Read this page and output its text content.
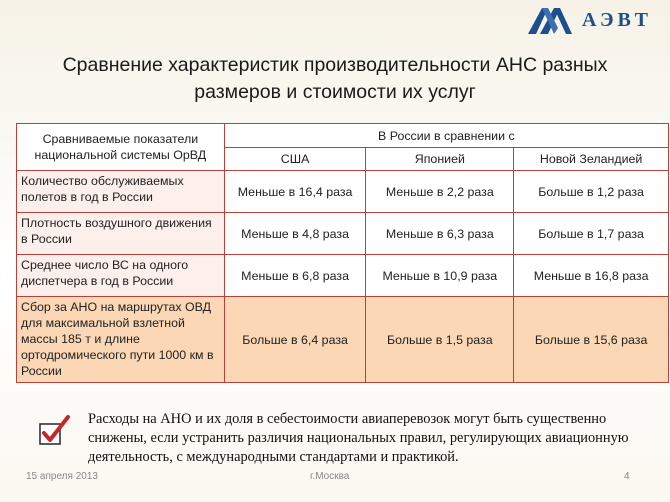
АЭВТ
Сравнение характеристик производительности АНС разных
размеров и стоимости их услуг
Сравниваемые показатели национальной системы ОрВД	В России в сравнении с		
	США	Японией	Новой Зеландией
Количество обслуживаемых полетов в год в России	Меньше в 16,4 раза	Меньше в 2,2 раза	Больше в 1,2 раза
Плотность воздушного движения в России	Меньше в 4,8 раза	Меньше в 6,3 раза	Больше в 1,7 раза
Среднее число ВС на одного диспетчера в год в России	Меньше в 6,8 раза	Меньше в 10,9 раза	Меньше в 16,8 раза
Сбор за АНО на маршрутах ОВД для максимальной взлетной массы 185 т и длине ортодромического пути 1000 км в России	Больше в 6,4 раза	Больше в 1,5 раза	Больше в 15,6 раза
Расходы на АНО и их доля в себестоимости авиаперевозок могут быть существенно снижены, если устранить различия национальных правил, регулирующих авиационную деятельность, с международными стандартами и практикой.
15 апреля 2013	г.Москва	4
